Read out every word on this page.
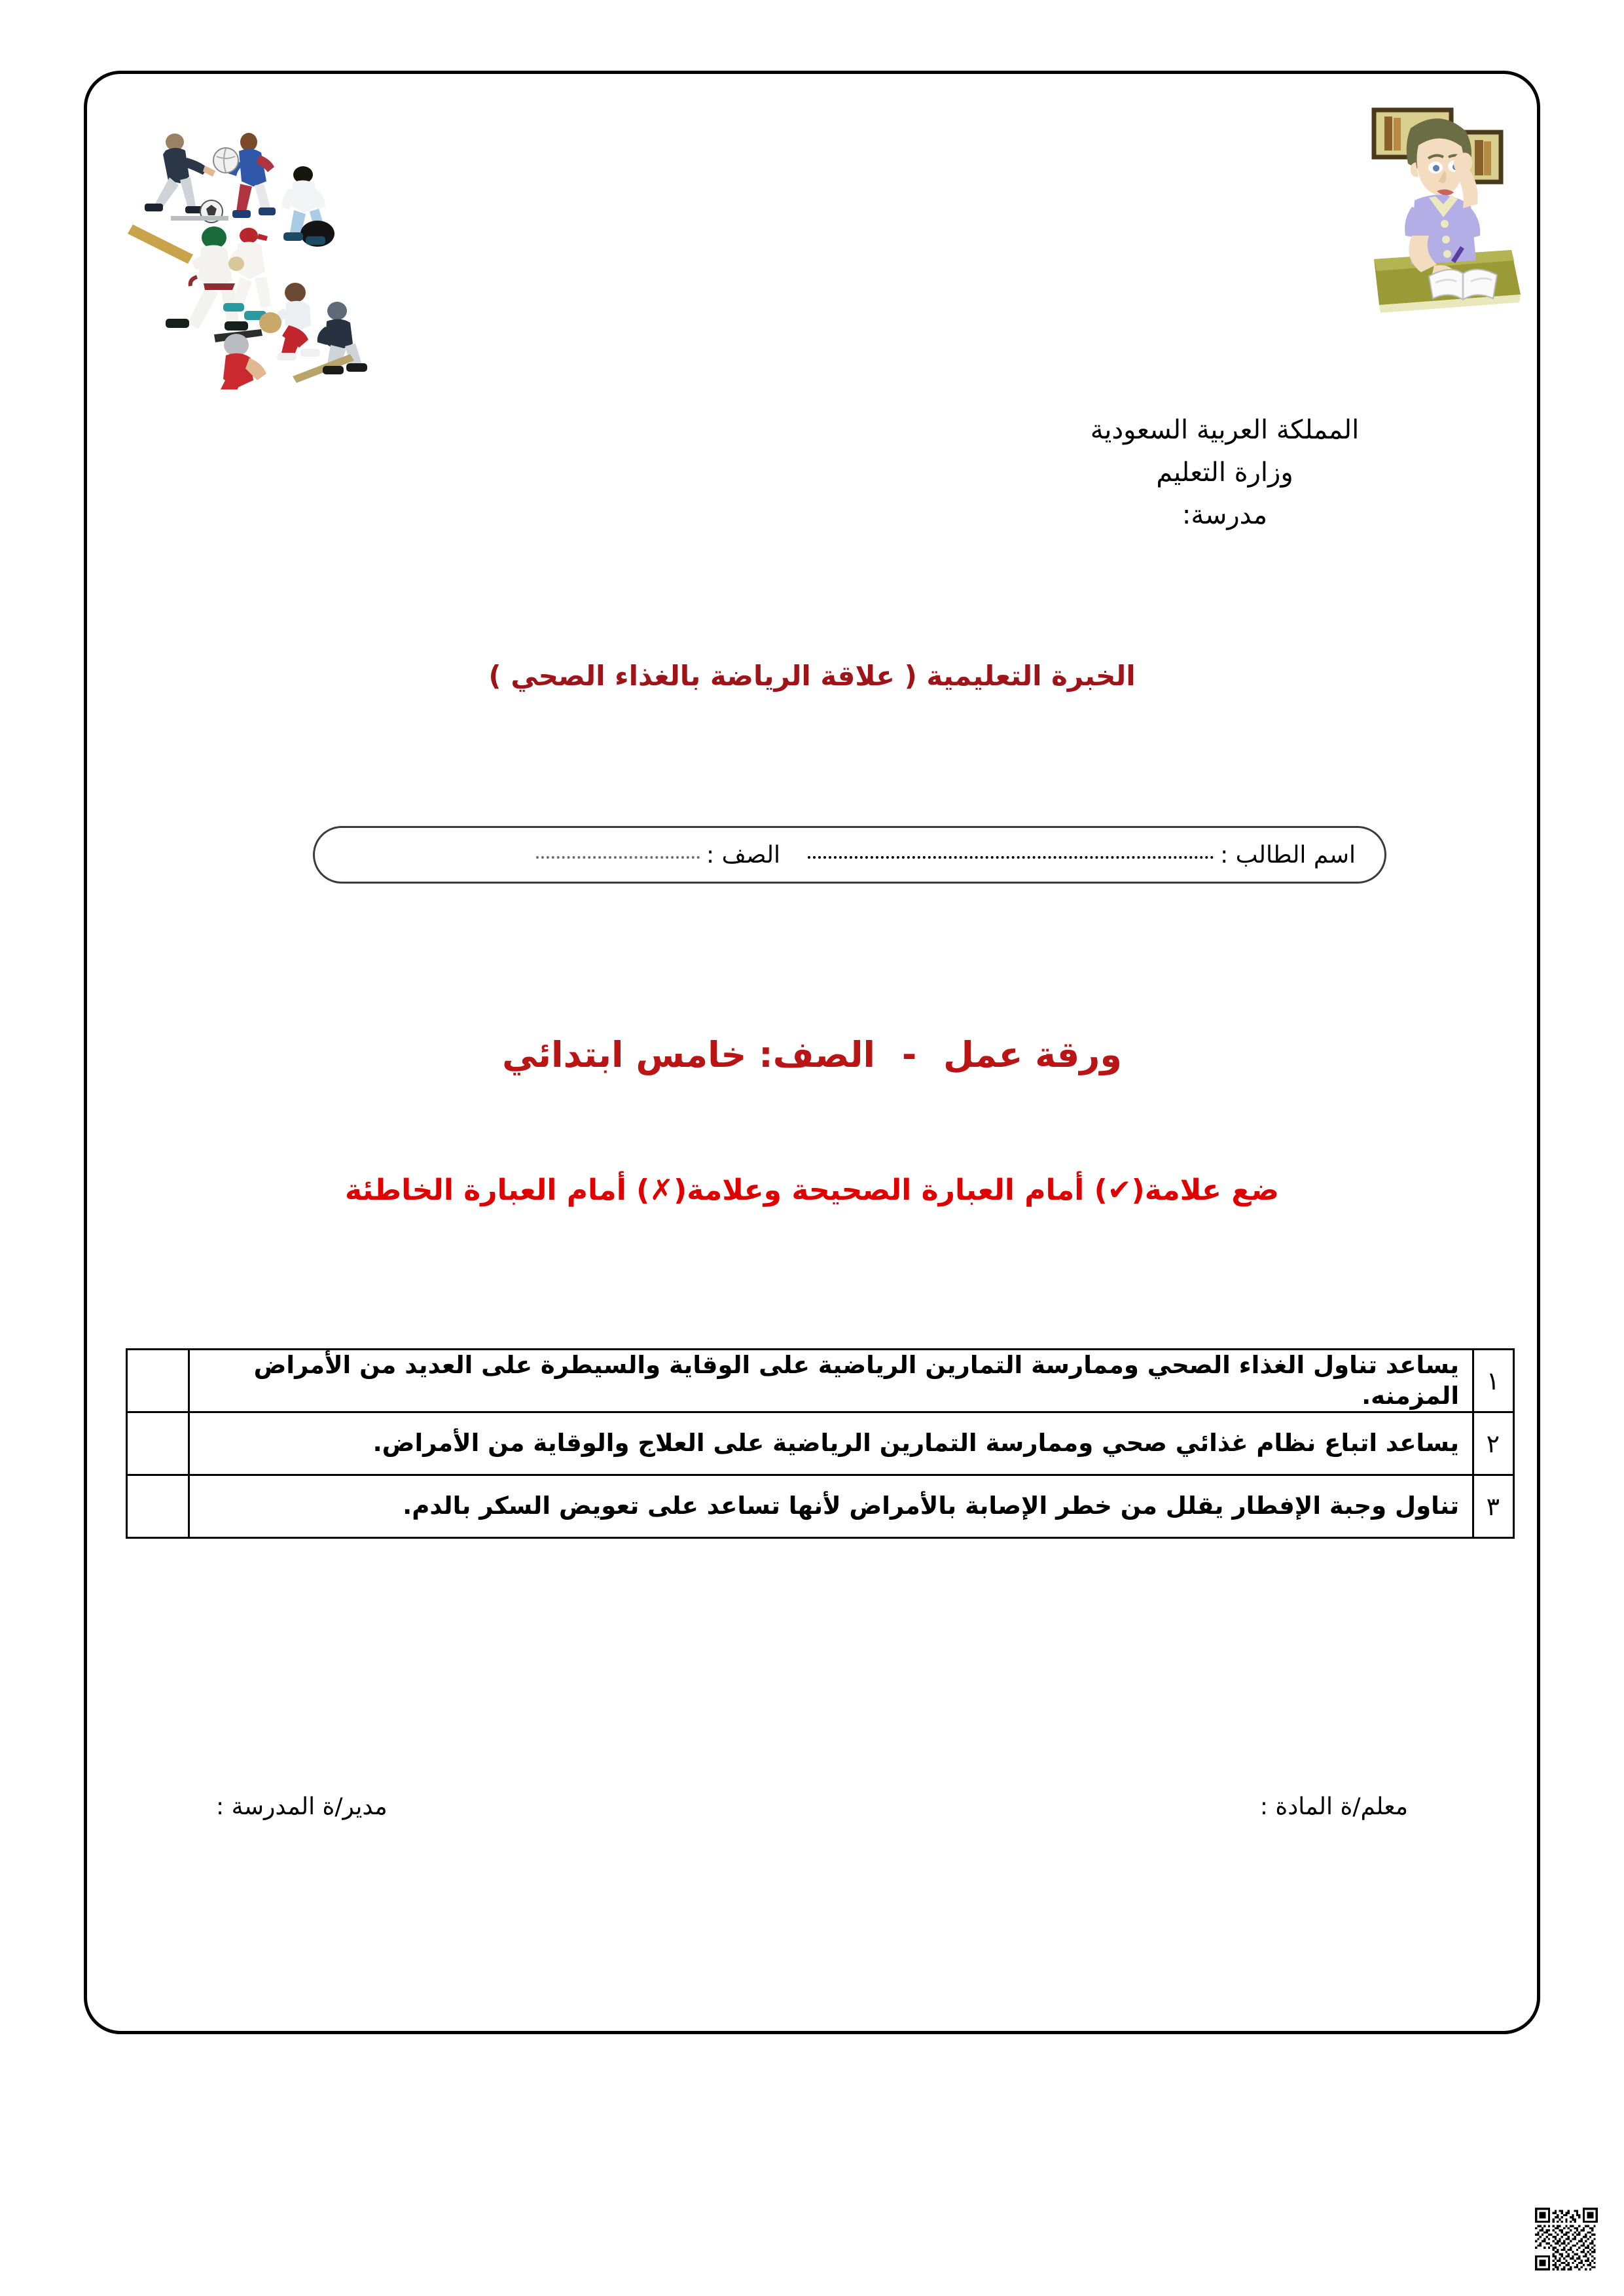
المملكة العربية السعودية
وزارة التعليم
مدرسة:
الخبرة التعليمية ( علاقة الرياضة بالغذاء الصحي )
اسم الطالب :
الصف :
ورقة عمل - الصف: خامس ابتدائي
ضع علامة(✔) أمام العبارة الصحيحة وعلامة(✗) أمام العبارة الخاطئة
١	يساعد تناول الغذاء الصحي وممارسة التمارين الرياضية على الوقاية والسيطرة على العديد من الأمراض المزمنه.	
٢	يساعد اتباع نظام غذائي صحي وممارسة التمارين الرياضية على العلاج والوقاية من الأمراض.	
٣	تناول وجبة الإفطار يقلل من خطر الإصابة بالأمراض لأنها تساعد على تعويض السكر بالدم.	
معلم/ة المادة :
مدير/ة المدرسة :
